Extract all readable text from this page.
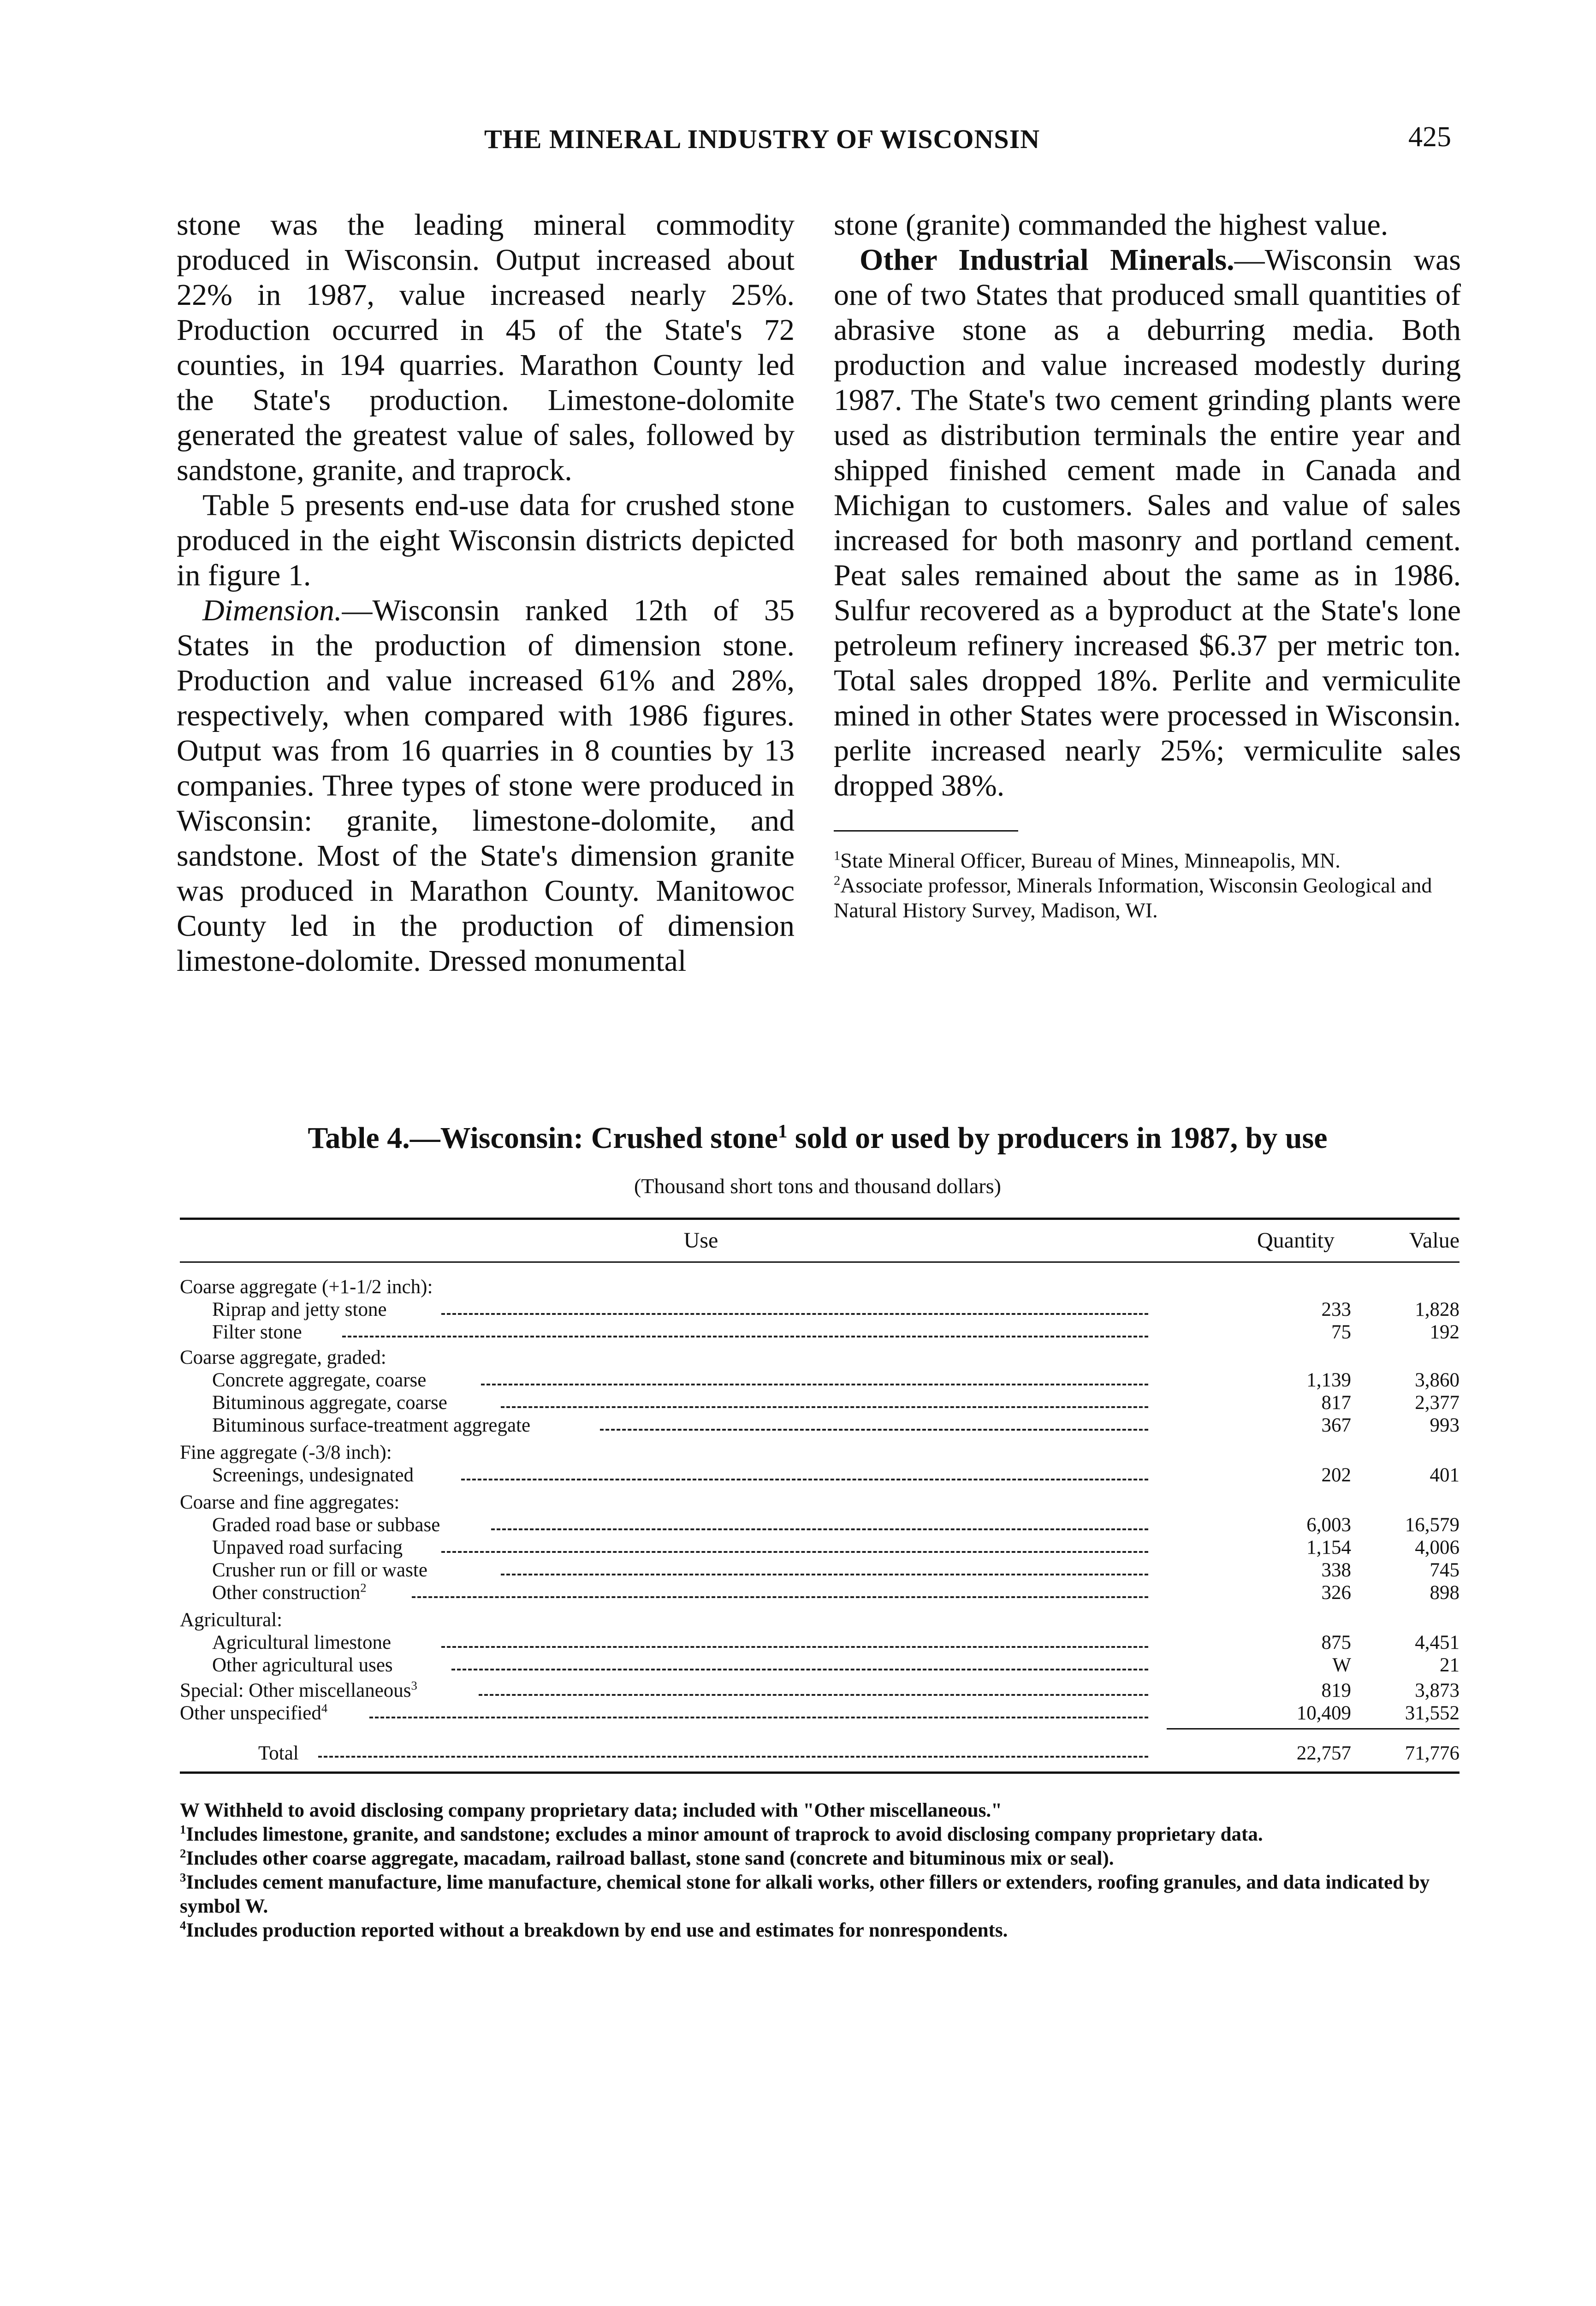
THE MINERAL INDUSTRY OF WISCONSIN	425

stone was the leading mineral commodity produced in Wisconsin. Output increased about 22% in 1987, value increased nearly 25%. Production occurred in 45 of the State's 72 counties, in 194 quarries. Marathon County led the State's production. Limestone-dolomite generated the greatest value of sales, followed by sandstone, granite, and traprock.

Table 5 presents end-use data for crushed stone produced in the eight Wisconsin districts depicted in figure 1.

Dimension.—Wisconsin ranked 12th of 35 States in the production of dimension stone. Production and value increased 61% and 28%, respectively, when compared with 1986 figures. Output was from 16 quarries in 8 counties by 13 companies. Three types of stone were produced in Wisconsin: granite, limestone-dolomite, and sandstone. Most of the State's dimension granite was produced in Marathon County. Manitowoc County led in the production of dimension limestone-dolomite. Dressed monumental

stone (granite) commanded the highest value.

Other Industrial Minerals.—Wisconsin was one of two States that produced small quantities of abrasive stone as a deburring media. Both production and value increased modestly during 1987. The State's two cement grinding plants were used as distribution terminals the entire year and shipped finished cement made in Canada and Michigan to customers. Sales and value of sales increased for both masonry and portland cement. Peat sales remained about the same as in 1986. Sulfur recovered as a byproduct at the State's lone petroleum refinery increased $6.37 per metric ton. Total sales dropped 18%. Perlite and vermiculite mined in other States were processed in Wisconsin. perlite increased nearly 25%; vermiculite sales dropped 38%.

$^1$State Mineral Officer, Bureau of Mines, Minneapolis, MN.

$^2$Associate professor, Minerals Information, Wisconsin Geological and Natural History Survey, Madison, WI.

Table 4.—Wisconsin: Crushed stone$^1$ sold or used by producers in 1987, by use
(Thousand short tons and thousand dollars)
Use	Quantity	Value
Coarse aggregate (+1-1/2 inch):
Riprap and jetty stone	233	1,828
Filter stone	75	192
Coarse aggregate, graded:
Concrete aggregate, coarse	1,139	3,860
Bituminous aggregate, coarse	817	2,377
Bituminous surface-treatment aggregate	367	993
Fine aggregate (-3/8 inch):
Screenings, undesignated	202	401
Coarse and fine aggregates:
Graded road base or subbase	6,003	16,579
Unpaved road surfacing	1,154	4,006
Crusher run or fill or waste	338	745
Other construction$^2$	326	898
Agricultural:
Agricultural limestone	875	4,451
Other agricultural uses	W	21
Special: Other miscellaneous$^3$	819	3,873
Other unspecified$^4$	10,409	31,552
Total	22,757	71,776

W Withheld to avoid disclosing company proprietary data; included with "Other miscellaneous."

$^1$Includes limestone, granite, and sandstone; excludes a minor amount of traprock to avoid disclosing company proprietary data.

$^2$Includes other coarse aggregate, macadam, railroad ballast, stone sand (concrete and bituminous mix or seal).

$^3$Includes cement manufacture, lime manufacture, chemical stone for alkali works, other fillers or extenders, roofing granules, and data indicated by symbol W.

$^4$Includes production reported without a breakdown by end use and estimates for nonrespondents.
